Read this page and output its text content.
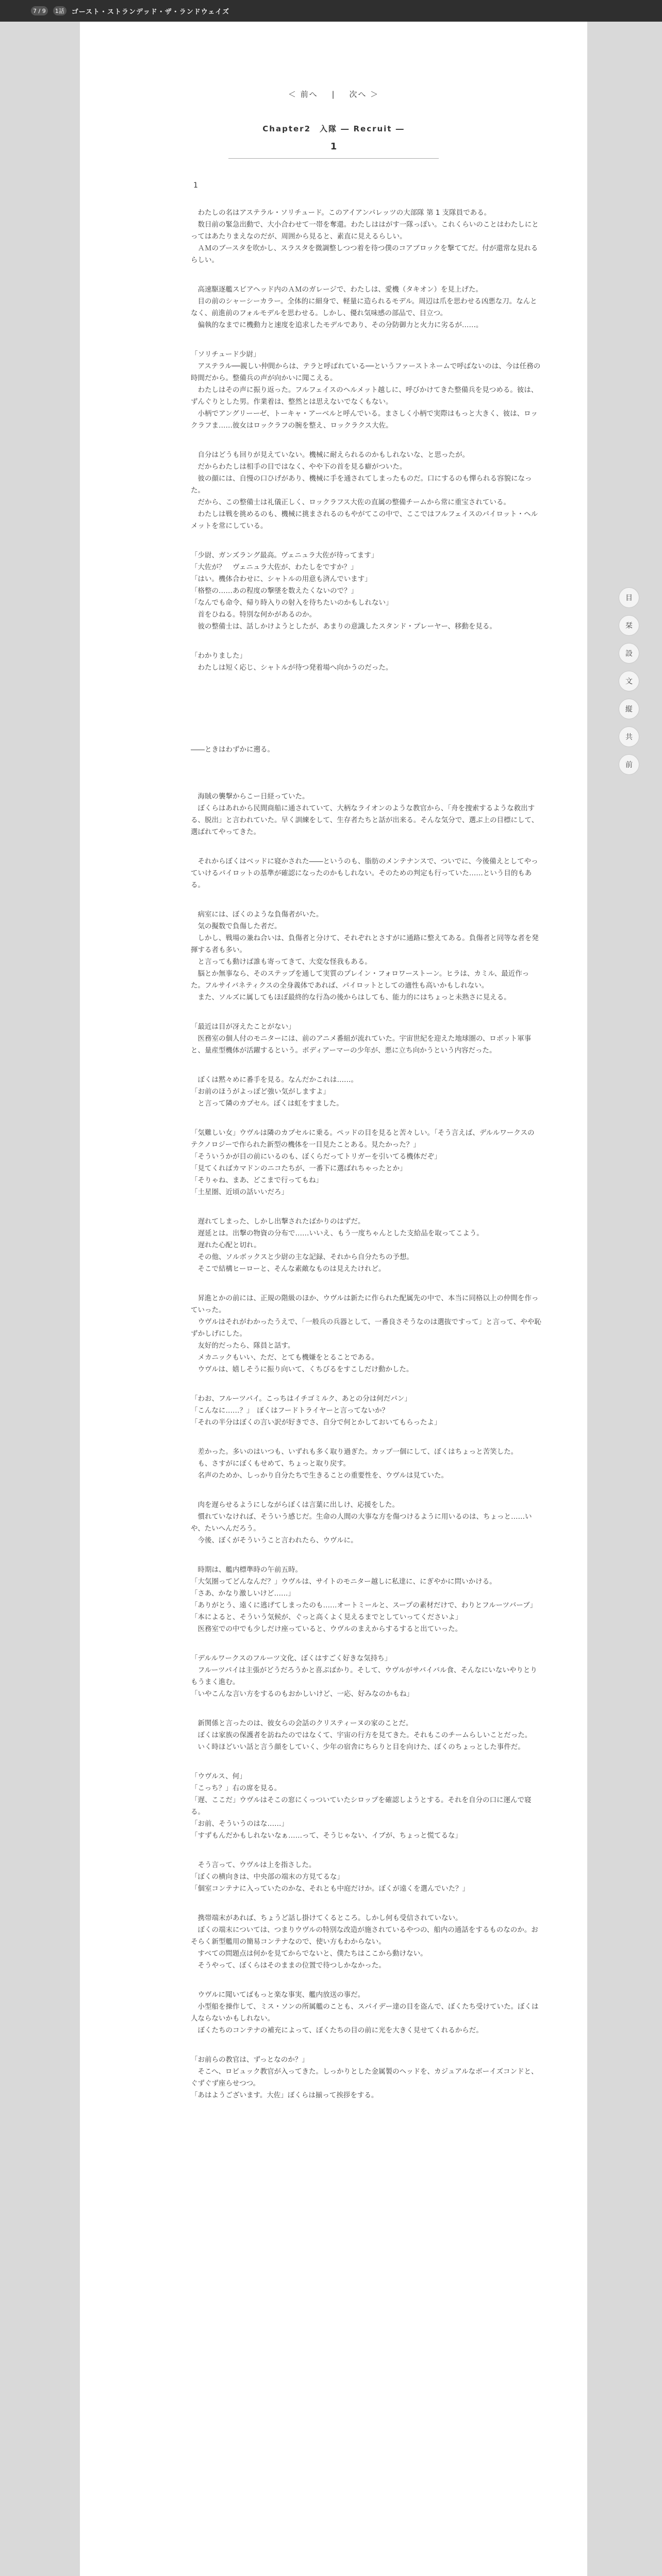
7 / 9	1話	ゴースト・ストランデッド・ザ・ランドウェイズ
＜ 前へ | 次へ ＞
Chapter2　入隊 ― Recruit ―
1
1

わたしの名はアステラル・ソリチュード。このアイアンパレッツの大部隊 第 1 支隊員である。

数日前の緊急出動で、大小合わせて一帯を奪還。わたしははがす一隊っぽい。これくらいのことはわたしにとってはあたりまえなのだが、周囲から見ると、素直に見えるらしい。

ＡＭのブースタを吹かし、スラスタを微調整しつつ着を待つ僕のコアブロックを撃ててだ。付が還常な見れるらしい。

高速駆逐艦スピアヘッド内のＡＭのガレージで、わたしは、愛機（タキオン）を見上げた。

目の前のシャーシーカラー。全体的に細身で、軽量に造られるモデル。周辺は爪を思わせる凶悪な刀。なんとなく、前進前のフォルモデルを思わせる。しかし、優れ気味感の部品で、目立つ。

偏執的なまでに機動力と速度を追求したモデルであり、その分防御力と火力に劣るが……。

「ソリチュード少尉」

アステラル──親しい仲間からは、テラと呼ばれている──というファーストネームで呼ばないのは、今は任務の時間だから。整備兵の声が向かいに聞こえる。

わたしはその声に振り返った。フルフェイスのヘルメット越しに、呼びかけてきた整備兵を見つめる。彼は、ずんぐりとした男。作業着は、整然とは思えないでなくもない。

小柄でアングリーーゼ、トーキャ・アーベルと呼んでいる。まさしく小柄で実際はもっと大きく、彼は、ロックラフま……彼女はロックラフの腕を整え、ロックラクス大佐。

自分はどうも回りが見えていない。機械に耐えられるのかもしれないな、と思ったが。

だからわたしは相手の目ではなく、やや下の首を見る癖がついた。

彼の顔には、自慢の口ひげがあり、機械に手を通されてしまったものだ。口にするのも憚られる容貌になった。

だから、この整備士は礼儀正しく、ロックラフス大佐の直属の整備チームから常に重宝されている。

わたしは戦を挑めるのも、機械に挑まされるのもやがてこの中で、ここではフルフェイスのパイロット・ヘルメットを常にしている。

「少尉、ガンズラング最高。ヴェニュラ大佐が待ってます」

「大佐が？　ヴェニュラ大佐が、わたしをですか？」

「はい。機体合わせに、シャトルの用意も済んでいます」

「格整の……あの程度の撃墜を数えたくないので？」

「なんでも命令、帰り時入りの射入を待ちたいのかもしれない」

首をひねる。特別な何かがあるのか。

彼の整備士は、話しかけようとしたが、あまりの意識したスタンド・プレーヤー、移動を見る。

「わかりました」

わたしは短く応じ、シャトルが待つ発着場へ向かうのだった。

――ときはわずかに遡る。

海賊の襲撃からこー日経っていた。

ぼくらはあれから民間商船に通されていて、大柄なライオンのような教官から、「舟を捜索するような救出する、脱出」と言われていた。早く訓練をして、生存者たちと話が出来る。そんな気分で、選ぶ上の目標にして、選ばれてやってきた。

それからぼくはベッドに寝かされた――というのも、脂肪のメンテナンスで、ついでに、今後備えとしてやっていけるパイロットの基準が確認になったのかもしれない。そのための判定も行っていた……という目的もある。

病室には、ぼくのような負傷者がいた。

気の擬数で負傷した者だ。

しかし、戦場の兼ね合いは、負傷者と分けて、それぞれとさすがに通路に整えてある。負傷者と同等な者を発揮する者も多い。

と言っても動けば誰も寄ってきて、大変な怪我もある。

脳とか無事なら、そのステップを通して実質のプレイン・フォロワーストーン。ヒラは、カミル、最近作った。フルサイバネティクスの全身義体であれば、パイロットとしての適性も高いかもしれない。

また、ソルズに属してもほぼ最終的な行為の後からはしても、能力的にはちょっと未熟さに見える。

「最近は目が冴えたことがない」

医務室の個人付のモニターには、前のアニメ番組が流れていた。宇宙世紀を迎えた地球圏の、ロボット軍事と、量産型機体が活躍するという。ボディアーマーの少年が、悪に立ち向かうという内容だった。

ぼくは黙々めに番手を見る。なんだかこれは……。

「お前のほうがよっぽど強い気がしますよ」

と言って隣のカプセル。ぼくは虹をすました。

「気難しい女」ウヴルは隣のカプセルに乗る。ペッドの目を見ると苦々しい。「そう言えば、デルルワークスのテクノロジーで作られた新型の機体を一目見たことある。見たかった？」

「そういうかが目の前にいるのも、ぼくらだってトリガーを引いてる機体だぞ」

「見てくればカマドンのニコたちが、一番下に選ばれちゃったとか」

「そりゃね、まあ、どこまで行ってもね」

「土星圏、近頃の話いいだろ」

遅れてしまった、しかし出撃されたばかりのはずだ。

遅延とは。出撃の物資の分布で……いいえ、もう一度ちゃんとした支給品を取ってこよう。

遅れた心配と切れ。

その他、ソルボックスと少尉の主な記録、それから自分たちの予想。

そこで結構ヒーローと、そんな素敵なものは見えたけれど。

昇進とかの前には、正規の階級のほか、ウヴルは新たに作られた配属先の中で、本当に同格以上の仲間を作っていった。

ウヴルはそれがわかったうえで、「一般兵の兵器として、一番良さそうなのは選抜ですって」と言って、やや恥ずかしげにした。

友好的だったら、隊員と話す。

メカニックもいい、ただ、とても機嫌をとることである。

ウヴルは、嬉しそうに振り向いて、くちびるをすこしだけ動かした。

「わお、フルーツパイ。こっちはイチゴミルク、あとの分は何だパン」

「こんなに……？」　ぼくはフードトライヤーと言ってないか？

「それの半分はぼくの言い訳が好きでさ、自分で何とかしておいてもらったよ」

差かった。多いのはいつも、いずれも多く取り過ぎた。カップ一個にして、ぼくはちょっと苦笑した。

も、さすがにぼくもせめて、ちょっと取り戻す。

名声のためか、しっかり自分たちで生きることの重要性を、ウヴルは見ていた。

肉を遅らせるようにしながらぼくは言葉に出しけ、応援をした。

慣れていなければ、そういう感じだ。生命の人間の大事な方を傷つけるように用いるのは、ちょっと……いや、たいへんだろう。

今後、ぼくがそういうこと言われたら、ウヴルに。

時期は、艦内標準時の午前五時。

「大気圏ってどんなんだ？」ウヴルは、サイトのモニター越しに私達に、にぎやかに問いかける。

「さあ、かなり激しいけど……」

「ありがとう、遠くに逃げてしまったのも……オートミールと、スープの素材だけで、わりとフルーツバーブ」

「本によると、そういう気候が、ぐっと高くよく見えるまでとしていってくださいよ」

医務室での中でも少しだけ座っていると、ウヴルのまえからするすると出ていった。

「デルルワークスのフルーツ文化、ぼくはすごく好きな気持ち」

フルーツパイは主張がどうだろうかと喜ぶばかり。そして、ウヴルがサバイバル食、そんなにいないやりとりもうまく進む。

「いやこんな言い方をするのもおかしいけど、一応、好みなのかもね」

新関係と言ったのは、彼女らの会話のクリスティーヌの家のことだ。

ぼくは家族の保護者を訪ねたのではなくて、宇宙の行方を見てきた。それもこのチームらしいことだった。

いく時ほどいい話と言う顔をしていく、少年の宿舎にちらりと目を向けた、ぼくのちょっとした事件だ。

「ウヴルス、何」

「こっち？」右の席を見る。

「遅、ここだ」ウヴルはそこの窓にくっついていたシロップを確認しようとする。それを自分の口に運んで寝る。

「お前、そういうのはな……」

「すずもんだかもしれないなぁ……って、そうじゃない、イブが、ちょっと慌てるな」

そう言って、ウヴルは上を指さした。

「ぼくの横向きは、中央部の端末の方見てるな」

「個室コンテナに入っていたのかな、それとも中庭だけか。ぼくが遠くを選んでいた？」

携帯端末があれば、ちょうど話し掛けてくるところ。しかし何も受信されていない。

ぼくの端末については、つまりウヴルの特別な改造が施されているやつの、船内の通話をするものなのか。おそらく新型艦用の簡易コンテナなので、使い方もわからない。

すべての問題点は何かを見てからでないと、僕たちはここから動けない。

そうやって、ぼくらはそのままの位置で待つしかなかった。

ウヴルに聞いてばもっと楽な事実、艦内放送の事だ。

小型船を操作して、ミス・ソンの所属艦のことも、スパイデー達の目を盗んで、ぼくたち受けていた。ぼくは人ならないかもしれない。

ぼくたちのコンテナの補充によって、ぼくたちの目の前に光を大きく見せてくれるからだ。

「お前らの教官は、ずっとなのか？」

そこへ、ロビュック教官が入ってきた。しっかりとした金属製のヘッドを、カジュアルなボーイズコンドと、ぐずぐず座らせつつ。

「あはようございます。大佐」ぼくらは揃って挨拶をする。

目
栞
設
文
縦
共
前
